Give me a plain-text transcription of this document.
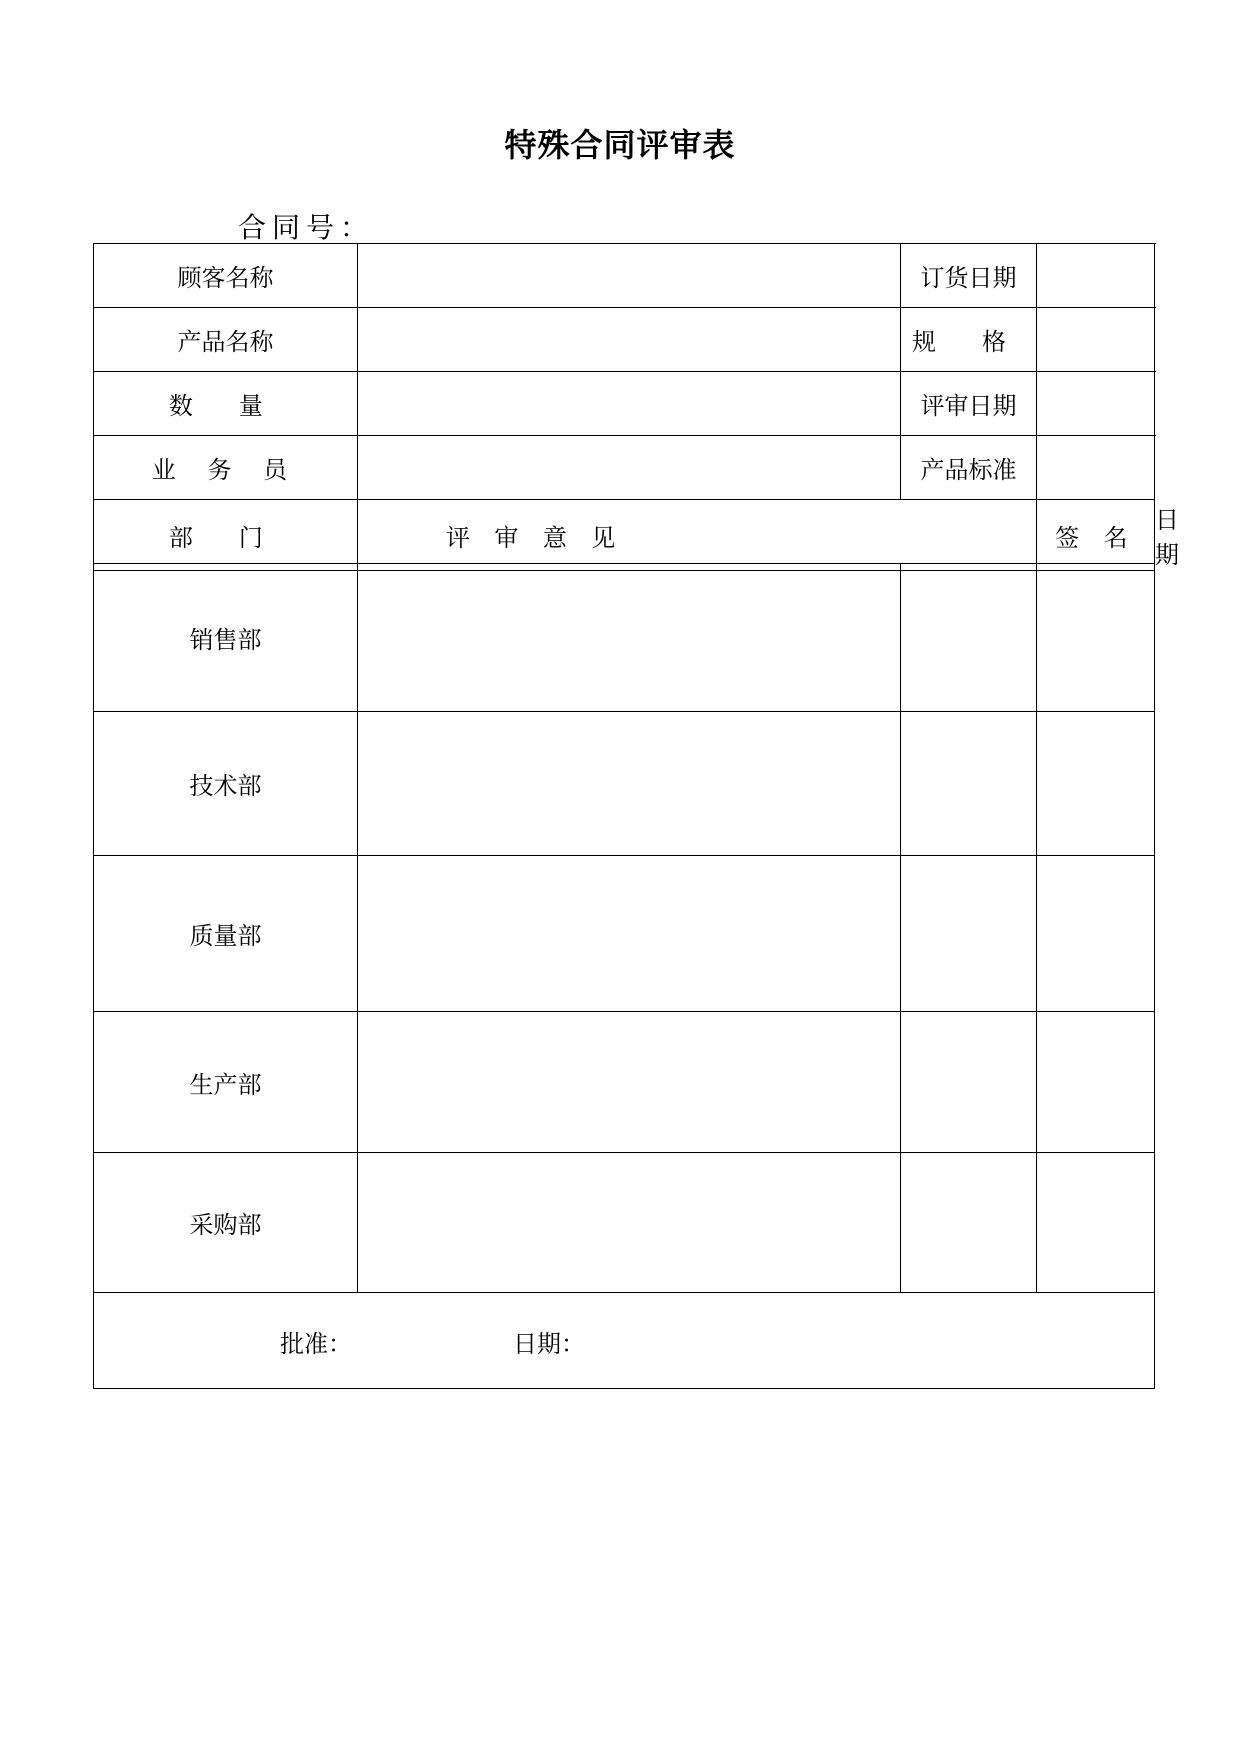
特殊合同评审表
合同号：
顾客名称		订货日期		
产品名称		规 格		
数 量		评审日期		
业 务 员		产品标准		
部 门	评 审 意 见		签 名	日 期
销售部			
技术部			
质量部			
生产部			
采购部			

批准： 日期：			
